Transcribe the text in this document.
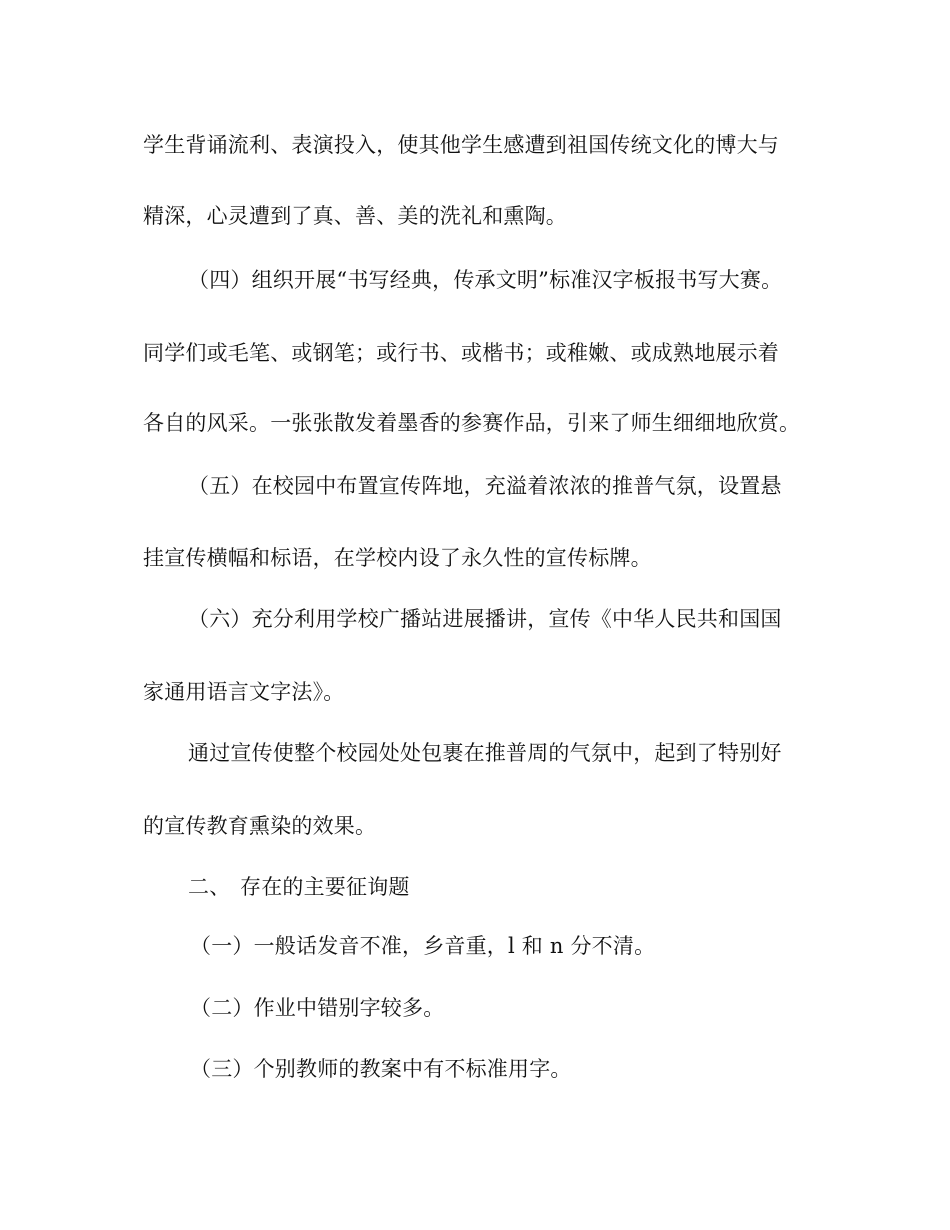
学生背诵流利、表演投入，使其他学生感遭到祖国传统文化的博大与
精深，心灵遭到了真、善、美的洗礼和熏陶。
（四）组织开展“书写经典，传承文明”标准汉字板报书写大赛。
同学们或毛笔、或钢笔；或行书、或楷书；或稚嫩、或成熟地展示着
各自的风采。一张张散发着墨香的参赛作品，引来了师生细细地欣赏。
（五）在校园中布置宣传阵地，充溢着浓浓的推普气氛，设置悬
挂宣传横幅和标语，在学校内设了永久性的宣传标牌。
（六）充分利用学校广播站进展播讲，宣传《中华人民共和国国
家通用语言文字法》。
通过宣传使整个校园处处包裹在推普周的气氛中，起到了特别好
的宣传教育熏染的效果。
二、 存在的主要征询题
（一）一般话发音不准，乡音重，l 和 n 分不清。
（二）作业中错别字较多。
（三）个别教师的教案中有不标准用字。
